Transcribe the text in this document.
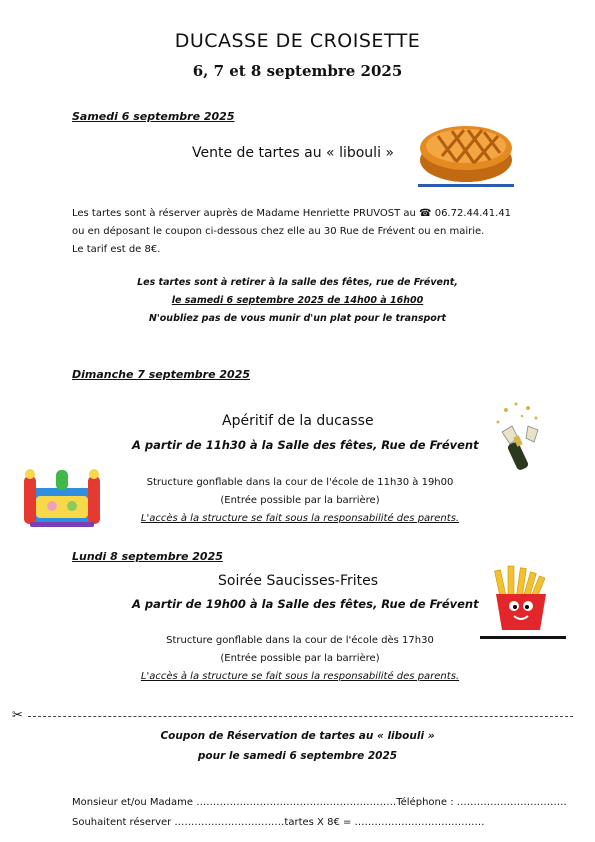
DUCASSE DE CROISETTE
6, 7 et 8 septembre 2025
Samedi 6 septembre 2025
Vente de tartes au « libouli »
Les tartes sont à réserver auprès de Madame Henriette PRUVOST au ☎ 06.72.44.41.41
ou en déposant le coupon ci-dessous chez elle au 30 Rue de Frévent ou en mairie.
Le tarif est de 8€.
Les tartes sont à retirer à la salle des fêtes, rue de Frévent,
le samedi 6 septembre 2025 de 14h00 à 16h00
N'oubliez pas de vous munir d'un plat pour le transport
Dimanche 7 septembre 2025
Apéritif de la ducasse
A partir de 11h30 à la Salle des fêtes, Rue de Frévent
Structure gonflable dans la cour de l'école de 11h30 à 19h00
(Entrée possible par la barrière)
L'accès à la structure se fait sous la responsabilité des parents.
Lundi 8 septembre 2025
Soirée Saucisses-Frites
A partir de 19h00 à la Salle des fêtes, Rue de Frévent
Structure gonflable dans la cour de l'école dès 17h30
(Entrée possible par la barrière)
L'accès à la structure se fait sous la responsabilité des parents.
✂
Coupon de Réservation de tartes au « libouli »
pour le samedi 6 septembre 2025
Monsieur et/ou Madame ……………………………………………………Téléphone : ……………………………
Souhaitent réserver ……………………………tartes X 8€ = …………………………………
